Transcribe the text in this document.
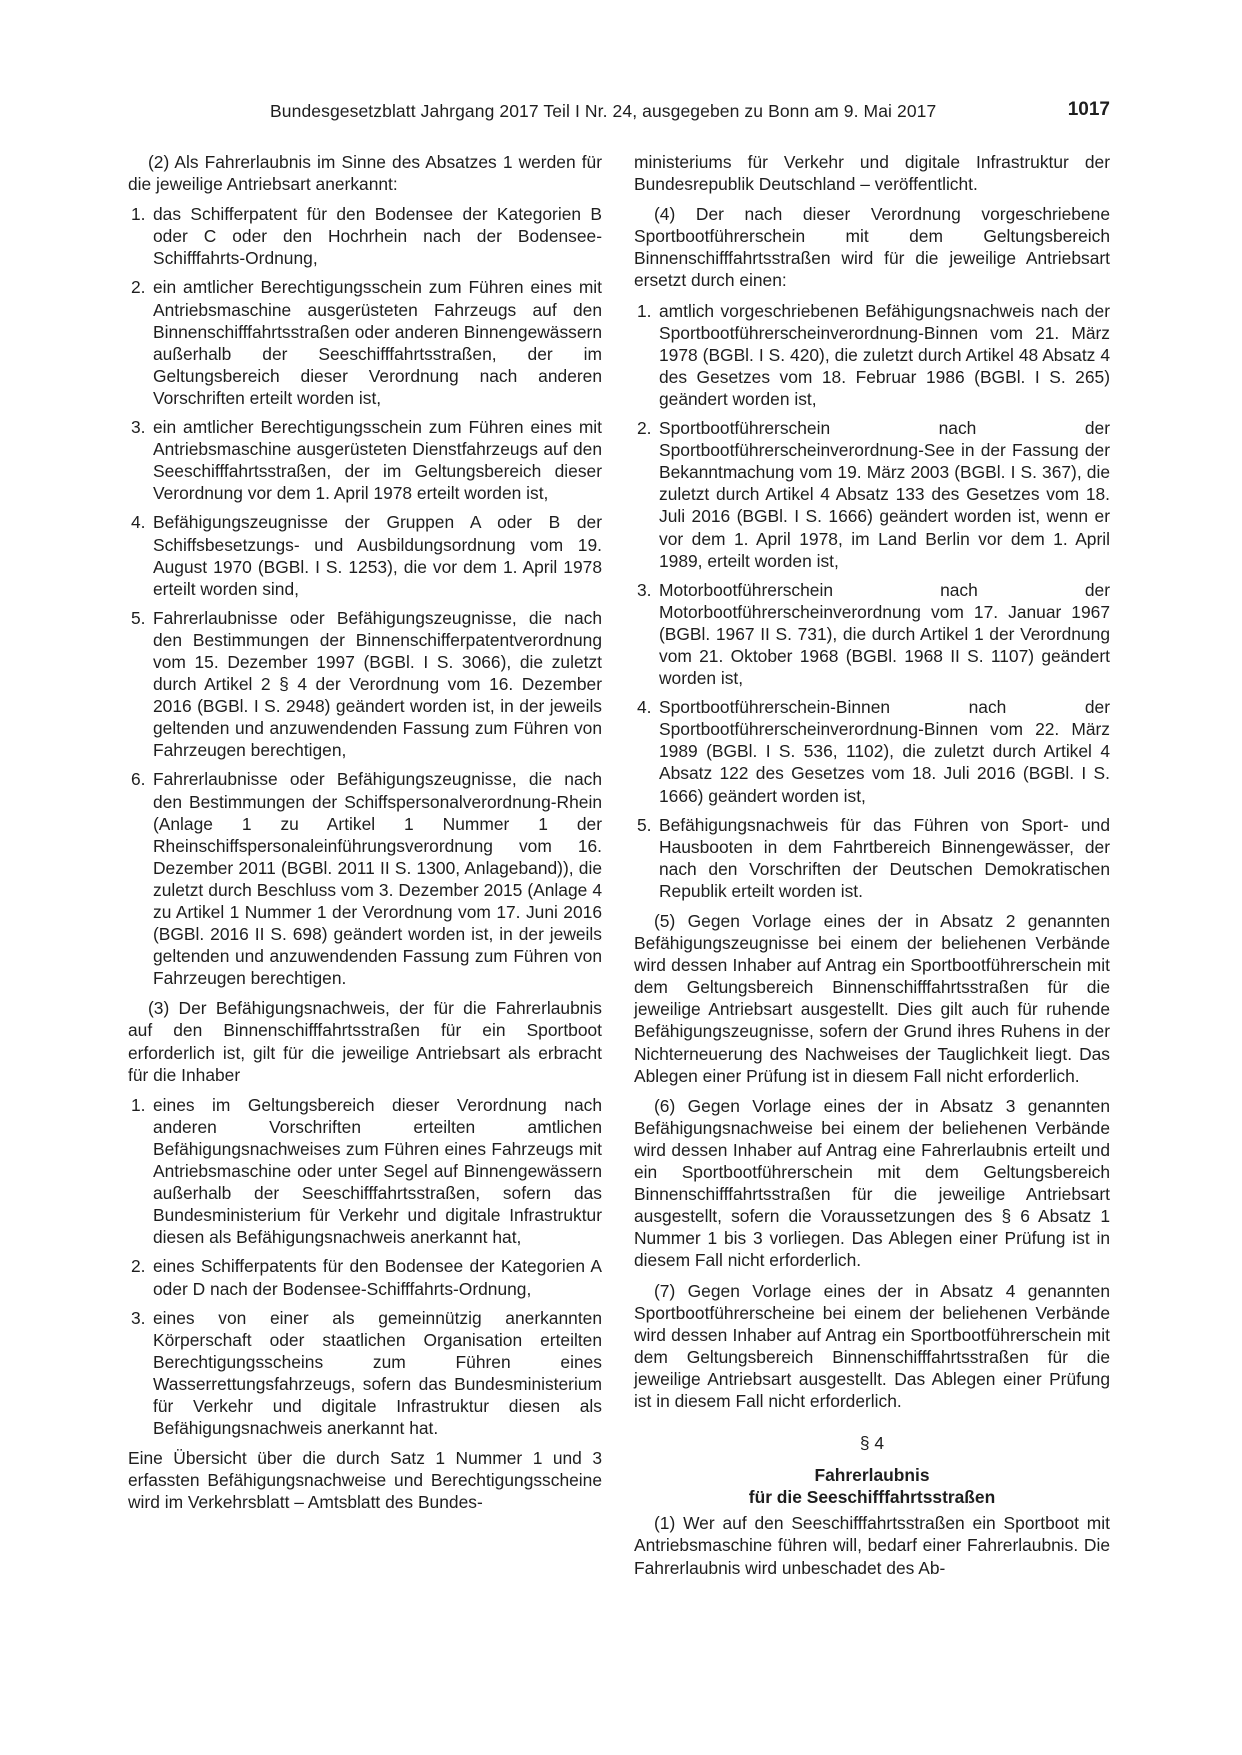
Bundesgesetzblatt Jahrgang 2017 Teil I Nr. 24, ausgegeben zu Bonn am 9. Mai 2017	1017

(2) Als Fahrerlaubnis im Sinne des Absatzes 1 werden für die jeweilige Antriebsart anerkannt:

1. das Schifferpatent für den Bodensee der Kategorien B oder C oder den Hochrhein nach der Bodensee-Schifffahrts-Ordnung,
2. ein amtlicher Berechtigungsschein zum Führen eines mit Antriebsmaschine ausgerüsteten Fahrzeugs auf den Binnenschifffahrtsstraßen oder anderen Binnengewässern außerhalb der Seeschifffahrtsstraßen, der im Geltungsbereich dieser Verordnung nach anderen Vorschriften erteilt worden ist,
3. ein amtlicher Berechtigungsschein zum Führen eines mit Antriebsmaschine ausgerüsteten Dienstfahrzeugs auf den Seeschifffahrtsstraßen, der im Geltungsbereich dieser Verordnung vor dem 1. April 1978 erteilt worden ist,
4. Befähigungszeugnisse der Gruppen A oder B der Schiffsbesetzungs- und Ausbildungsordnung vom 19. August 1970 (BGBl. I S. 1253), die vor dem 1. April 1978 erteilt worden sind,
5. Fahrerlaubnisse oder Befähigungszeugnisse, die nach den Bestimmungen der Binnenschifferpatentverordnung vom 15. Dezember 1997 (BGBl. I S. 3066), die zuletzt durch Artikel 2 § 4 der Verordnung vom 16. Dezember 2016 (BGBl. I S. 2948) geändert worden ist, in der jeweils geltenden und anzuwendenden Fassung zum Führen von Fahrzeugen berechtigen,
6. Fahrerlaubnisse oder Befähigungszeugnisse, die nach den Bestimmungen der Schiffspersonalverordnung-Rhein (Anlage 1 zu Artikel 1 Nummer 1 der Rheinschiffspersonaleinführungsverordnung vom 16. Dezember 2011 (BGBl. 2011 II S. 1300, Anlageband)), die zuletzt durch Beschluss vom 3. Dezember 2015 (Anlage 4 zu Artikel 1 Nummer 1 der Verordnung vom 17. Juni 2016 (BGBl. 2016 II S. 698) geändert worden ist, in der jeweils geltenden und anzuwendenden Fassung zum Führen von Fahrzeugen berechtigen.

(3) Der Befähigungsnachweis, der für die Fahrerlaubnis auf den Binnenschifffahrtsstraßen für ein Sportboot erforderlich ist, gilt für die jeweilige Antriebsart als erbracht für die Inhaber

1. eines im Geltungsbereich dieser Verordnung nach anderen Vorschriften erteilten amtlichen Befähigungsnachweises zum Führen eines Fahrzeugs mit Antriebsmaschine oder unter Segel auf Binnengewässern außerhalb der Seeschifffahrtsstraßen, sofern das Bundesministerium für Verkehr und digitale Infrastruktur diesen als Befähigungsnachweis anerkannt hat,
2. eines Schifferpatents für den Bodensee der Kategorien A oder D nach der Bodensee-Schifffahrts-Ordnung,
3. eines von einer als gemeinnützig anerkannten Körperschaft oder staatlichen Organisation erteilten Berechtigungsscheins zum Führen eines Wasserrettungsfahrzeugs, sofern das Bundesministerium für Verkehr und digitale Infrastruktur diesen als Befähigungsnachweis anerkannt hat.

Eine Übersicht über die durch Satz 1 Nummer 1 und 3 erfassten Befähigungsnachweise und Berechtigungsscheine wird im Verkehrsblatt – Amtsblatt des Bundes-

ministeriums für Verkehr und digitale Infrastruktur der Bundesrepublik Deutschland – veröffentlicht.

(4) Der nach dieser Verordnung vorgeschriebene Sportbootführerschein mit dem Geltungsbereich Binnenschifffahrtsstraßen wird für die jeweilige Antriebsart ersetzt durch einen:

1. amtlich vorgeschriebenen Befähigungsnachweis nach der Sportbootführerscheinverordnung-Binnen vom 21. März 1978 (BGBl. I S. 420), die zuletzt durch Artikel 48 Absatz 4 des Gesetzes vom 18. Februar 1986 (BGBl. I S. 265) geändert worden ist,
2. Sportbootführerschein nach der Sportbootführerscheinverordnung-See in der Fassung der Bekanntmachung vom 19. März 2003 (BGBl. I S. 367), die zuletzt durch Artikel 4 Absatz 133 des Gesetzes vom 18. Juli 2016 (BGBl. I S. 1666) geändert worden ist, wenn er vor dem 1. April 1978, im Land Berlin vor dem 1. April 1989, erteilt worden ist,
3. Motorbootführerschein nach der Motorbootführerscheinverordnung vom 17. Januar 1967 (BGBl. 1967 II S. 731), die durch Artikel 1 der Verordnung vom 21. Oktober 1968 (BGBl. 1968 II S. 1107) geändert worden ist,
4. Sportbootführerschein-Binnen nach der Sportbootführerscheinverordnung-Binnen vom 22. März 1989 (BGBl. I S. 536, 1102), die zuletzt durch Artikel 4 Absatz 122 des Gesetzes vom 18. Juli 2016 (BGBl. I S. 1666) geändert worden ist,
5. Befähigungsnachweis für das Führen von Sport- und Hausbooten in dem Fahrtbereich Binnengewässer, der nach den Vorschriften der Deutschen Demokratischen Republik erteilt worden ist.

(5) Gegen Vorlage eines der in Absatz 2 genannten Befähigungszeugnisse bei einem der beliehenen Verbände wird dessen Inhaber auf Antrag ein Sportbootführerschein mit dem Geltungsbereich Binnenschifffahrtsstraßen für die jeweilige Antriebsart ausgestellt. Dies gilt auch für ruhende Befähigungszeugnisse, sofern der Grund ihres Ruhens in der Nichterneuerung des Nachweises der Tauglichkeit liegt. Das Ablegen einer Prüfung ist in diesem Fall nicht erforderlich.

(6) Gegen Vorlage eines der in Absatz 3 genannten Befähigungsnachweise bei einem der beliehenen Verbände wird dessen Inhaber auf Antrag eine Fahrerlaubnis erteilt und ein Sportbootführerschein mit dem Geltungsbereich Binnenschifffahrtsstraßen für die jeweilige Antriebsart ausgestellt, sofern die Voraussetzungen des § 6 Absatz 1 Nummer 1 bis 3 vorliegen. Das Ablegen einer Prüfung ist in diesem Fall nicht erforderlich.

(7) Gegen Vorlage eines der in Absatz 4 genannten Sportbootführerscheine bei einem der beliehenen Verbände wird dessen Inhaber auf Antrag ein Sportbootführerschein mit dem Geltungsbereich Binnenschifffahrtsstraßen für die jeweilige Antriebsart ausgestellt. Das Ablegen einer Prüfung ist in diesem Fall nicht erforderlich.

§ 4
Fahrerlaubnis
für die Seeschifffahrtsstraßen

(1) Wer auf den Seeschifffahrtsstraßen ein Sportboot mit Antriebsmaschine führen will, bedarf einer Fahrerlaubnis. Die Fahrerlaubnis wird unbeschadet des Ab-
